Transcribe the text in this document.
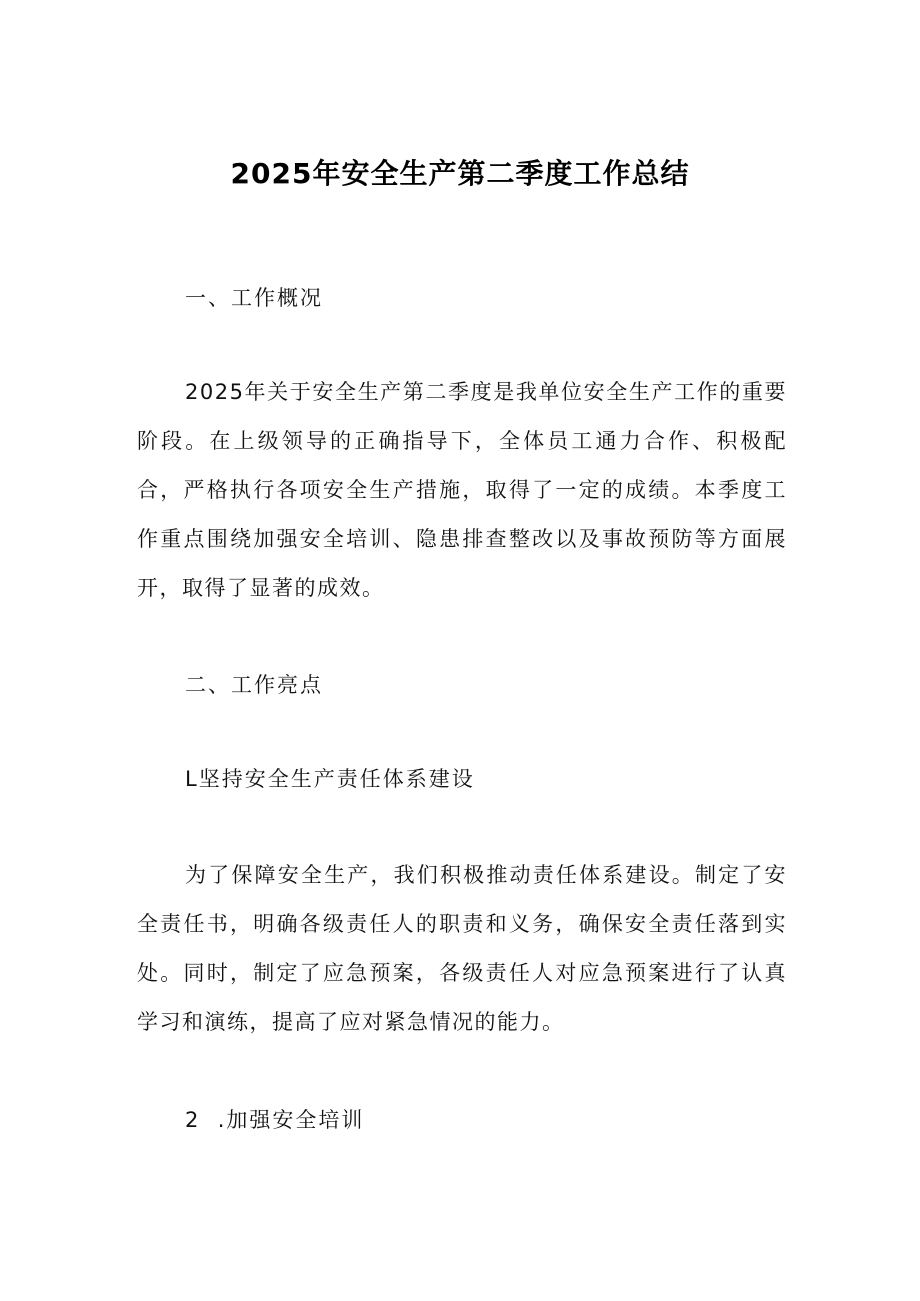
2025年安全生产第二季度工作总结
一、工作概况

2025年关于安全生产第二季度是我单位安全生产工作的重要阶段。在上级领导的正确指导下，全体员工通力合作、积极配合，严格执行各项安全生产措施，取得了一定的成绩。本季度工作重点围绕加强安全培训、隐患排查整改以及事故预防等方面展开，取得了显著的成效。

二、工作亮点
L坚持安全生产责任体系建设

为了保障安全生产，我们积极推动责任体系建设。制定了安全责任书，明确各级责任人的职责和义务，确保安全责任落到实处。同时，制定了应急预案，各级责任人对应急预案进行了认真学习和演练，提高了应对紧急情况的能力。

2  .加强安全培训
